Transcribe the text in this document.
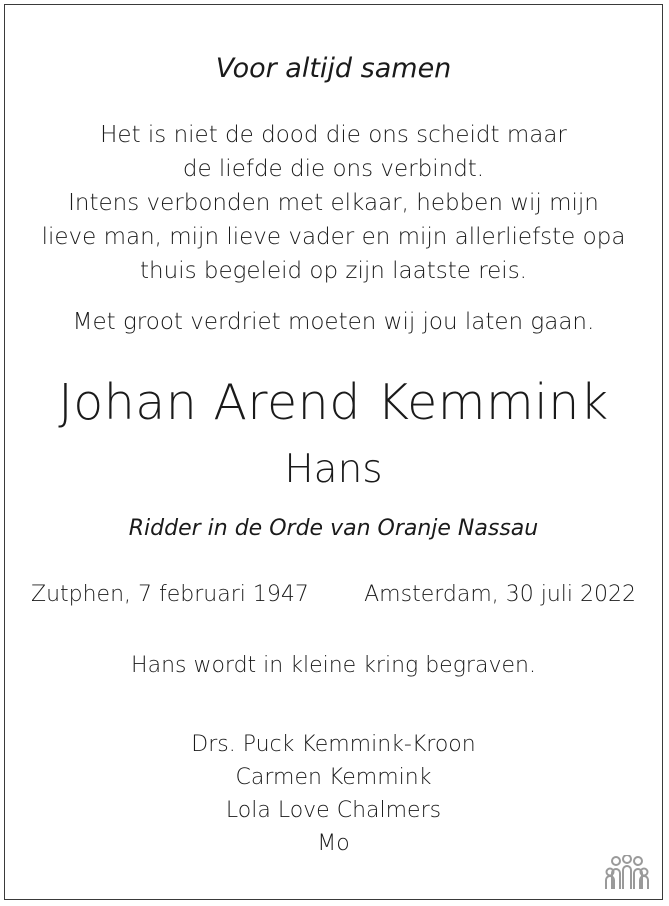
Voor altijd samen
Het is niet de dood die ons scheidt maar
de liefde die ons verbindt.
Intens verbonden met elkaar, hebben wij mijn
lieve man, mijn lieve vader en mijn allerliefste opa
thuis begeleid op zijn laatste reis.
Met groot verdriet moeten wij jou laten gaan.
Johan Arend Kemmink
Hans
Ridder in de Orde van Oranje Nassau
Zutphen, 7 februari 1947	Amsterdam, 30 juli 2022
Hans wordt in kleine kring begraven.
Drs. Puck Kemmink-Kroon
Carmen Kemmink
Lola Love Chalmers
Mo
